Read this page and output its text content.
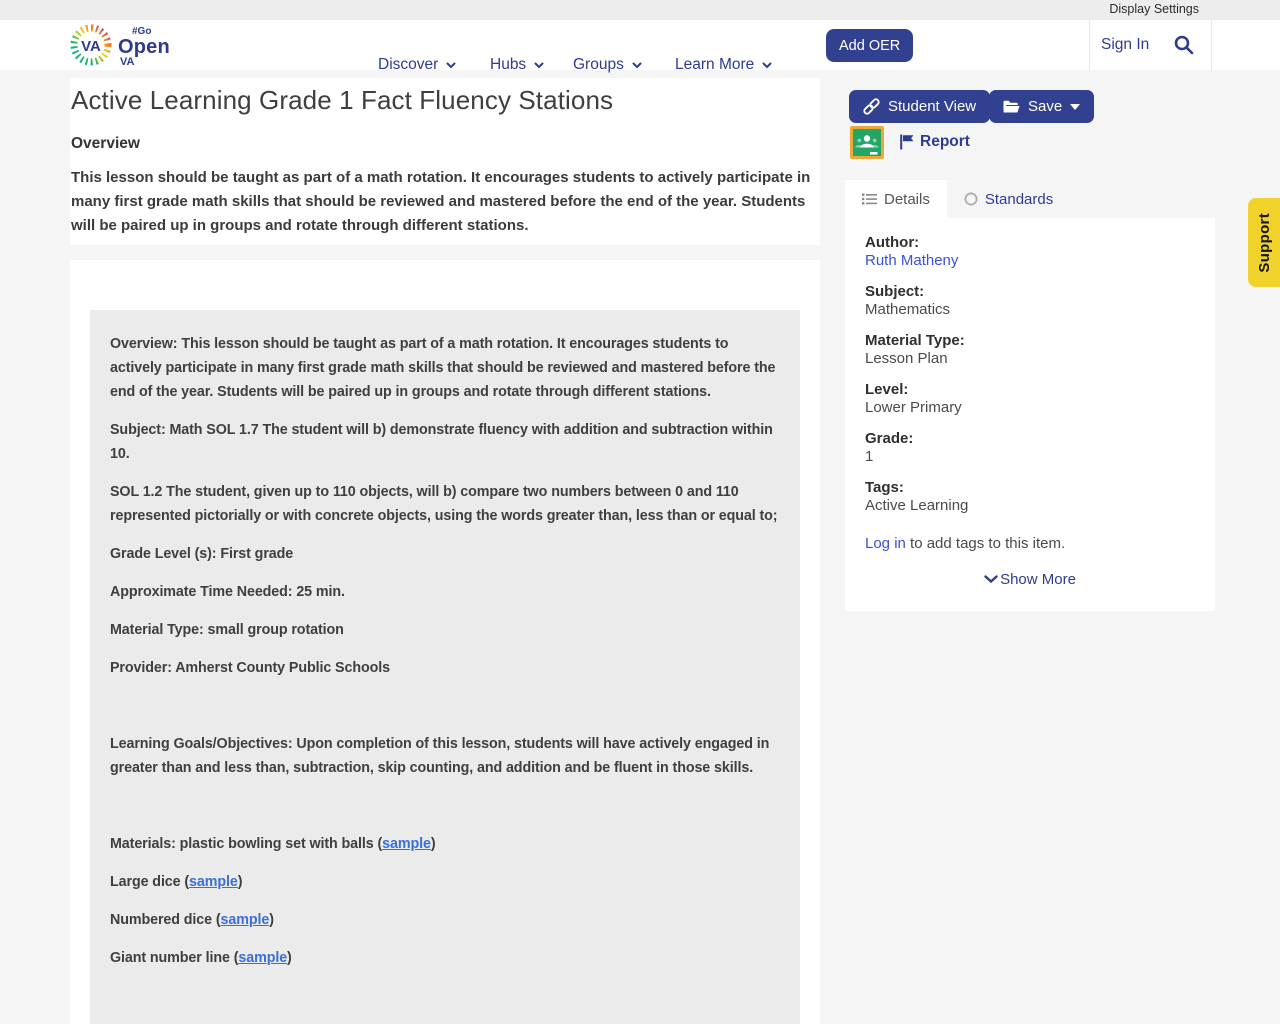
Display Settings
VA
#Go
Open
VA	Discover	Hubs	Groups	Learn More
Add OER	Sign In
Active Learning Grade 1 Fact Fluency Stations
Overview
This lesson should be taught as part of a math rotation. It encourages students to actively participate in many first grade math skills that should be reviewed and mastered before the end of the year. Students will be paired up in groups and rotate through different stations.

Overview: This lesson should be taught as part of a math rotation. It encourages students to actively participate in many first grade math skills that should be reviewed and mastered before the end of the year. Students will be paired up in groups and rotate through different stations.

Subject: Math SOL 1.7 The student will b) demonstrate fluency with addition and subtraction within 10.

SOL 1.2 The student, given up to 110 objects, will b) compare two numbers between 0 and 110 represented pictorially or with concrete objects, using the words greater than, less than or equal to;

Grade Level (s): First grade

Approximate Time Needed: 25 min.

Material Type: small group rotation

Provider: Amherst County Public Schools

Learning Goals/Objectives: Upon completion of this lesson, students will have actively engaged in greater than and less than, subtraction, skip counting, and addition and be fluent in those skills.

Materials: plastic bowling set with balls (sample)

Large dice (sample)

Numbered dice (sample)

Giant number line (sample)

Student View	Save
Report
Details	Standards
Author:
Ruth Matheny
Subject:
Mathematics
Material Type:
Lesson Plan
Level:
Lower Primary
Grade:
1
Tags:
Active Learning
Log in to add tags to this item.
Show More
Support
